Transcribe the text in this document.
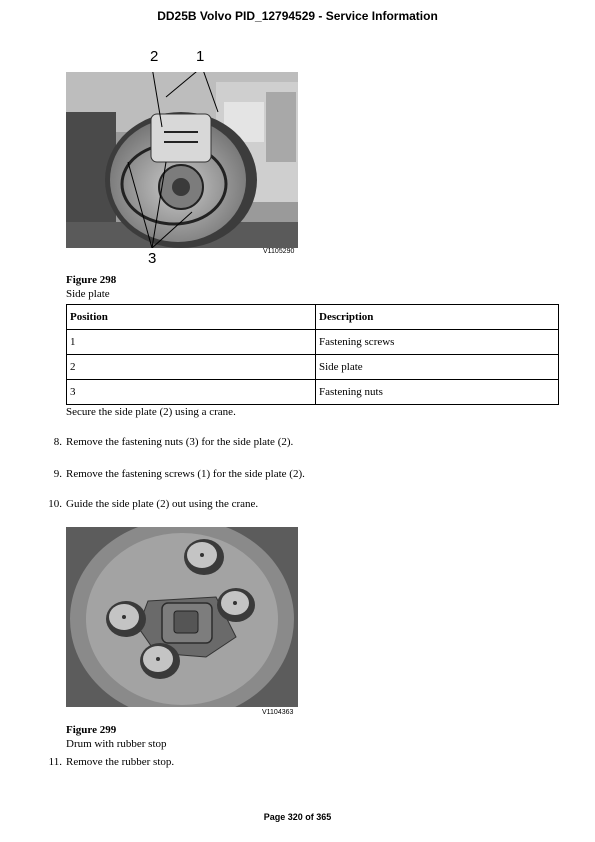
DD25B Volvo PID_12794529 - Service Information
2	1
3	V1105290
Figure 298
Side plate
Position	Description
1	Fastening screws
2	Side plate
3	Fastening nuts
Secure the side plate (2) using a crane.
8. Remove the fastening nuts (3) for the side plate (2).
9. Remove the fastening screws (1) for the side plate (2).
10. Guide the side plate (2) out using the crane.
V1104363
Figure 299
Drum with rubber stop
11. Remove the rubber stop.
Page 320 of 365
